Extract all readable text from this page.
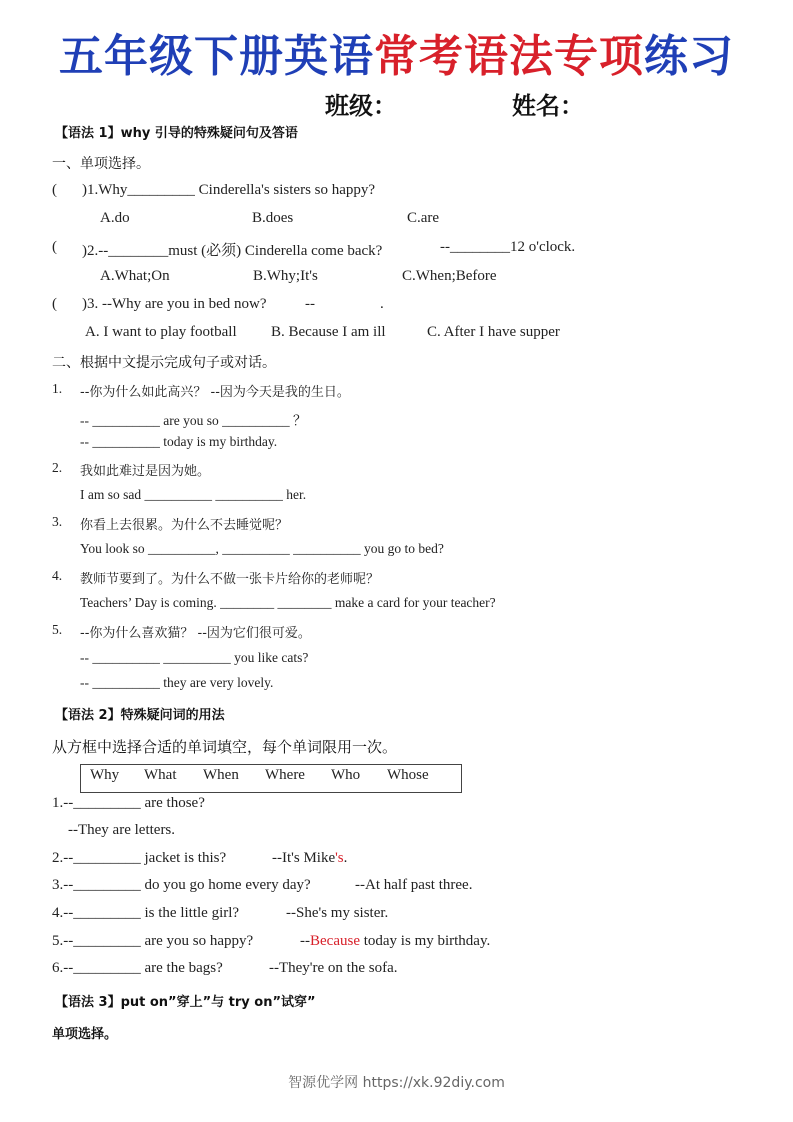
五年级下册英语常考语法专项练习
班级：	姓名：
【语法 1】why 引导的特殊疑问句及答语
一、单项选择。
( )1.Why_________ Cinderella's sisters so happy?
A.do	B.does	C.are
( )2.--________must (必须) Cinderella come back?	--________12 o'clock.
A.What;On	B.Why;It's	C.When;Before
( )3. --Why are you in bed now?	--	.
A. I want to play football B. Because I am ill	C. After I have supper
二、根据中文提示完成句子或对话。
1. --你为什么如此高兴？ --因为今天是我的生日。
-- __________ are you so __________ ？
-- __________ today is my birthday.
2. 我如此难过是因为她。
I am so sad __________ __________ her.
3. 你看上去很累。为什么不去睡觉呢？
You look so __________, __________ __________ you go to bed?
4. 教师节要到了。为什么不做一张卡片给你的老师呢？
Teachers’ Day is coming. ________ ________ make a card for your teacher?
5. --你为什么喜欢猫？ --因为它们很可爱。
-- __________ __________ you like cats?
-- __________ they are very lovely.
【语法 2】特殊疑问词的用法
从方框中选择合适的单词填空，每个单词限用一次。
Why What When Where Who Whose
1.--_________ are those?
--They are letters.
2.--_________ jacket is this?	--It's Mike's.
3.--_________ do you go home every day?	--At half past three.
4.--_________ is the little girl?	--She's my sister.
5.--_________ are you so happy?	--Because today is my birthday.
6.--_________ are the bags?	--They're on the sofa.
【语法 3】put on”穿上”与 try on”试穿”
单项选择。
智源优学网 https://xk.92diy.com
